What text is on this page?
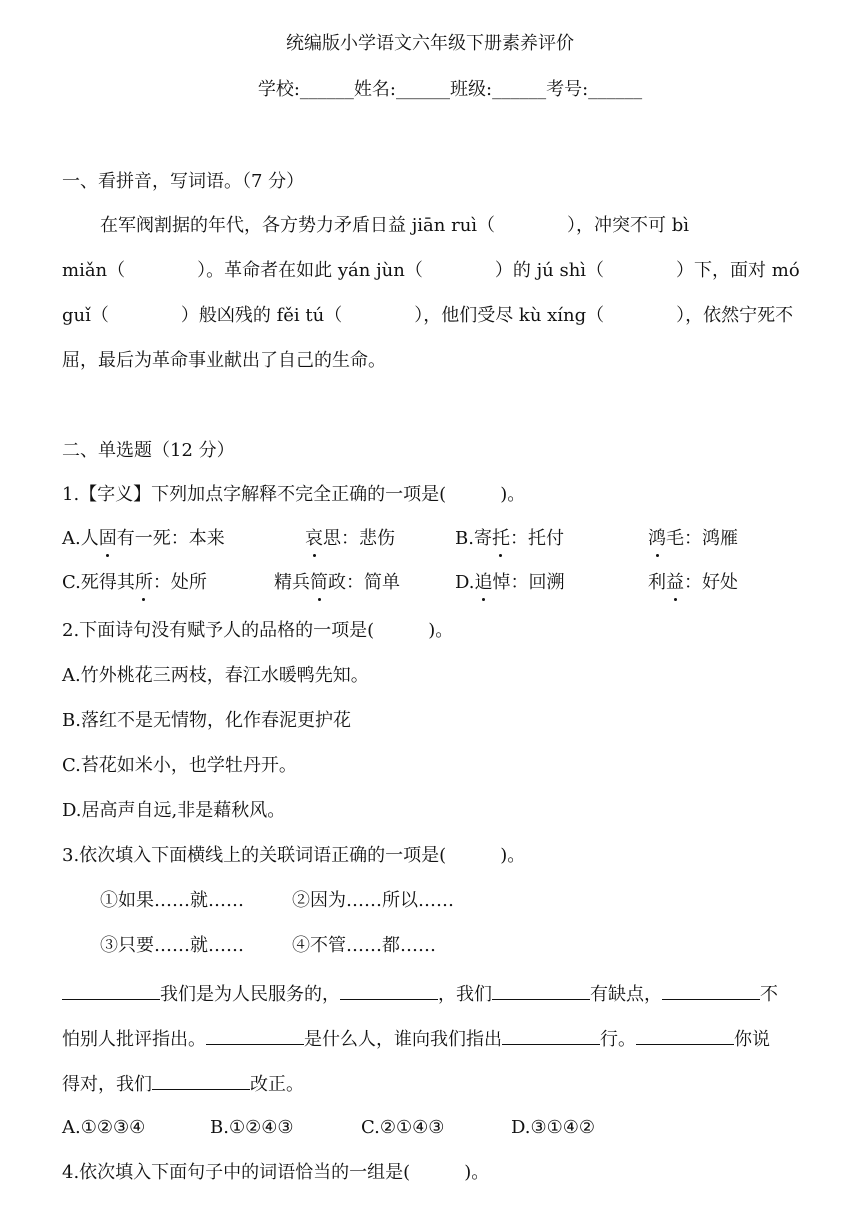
统编版小学语文六年级下册素养评价
学校:______姓名:______班级:______考号:______
一、看拼音，写词语。（7 分）
在军阀割据的年代，各方势力矛盾日益 jiān ruì（　　　　），冲突不可 bì
miǎn（　　　　）。革命者在如此 yán jùn（　　　　）的 jú shì（　　　　）下，面对 mó
guǐ（　　　　）般凶残的 fěi tú（　　　　），他们受尽 kù xíng（　　　　），依然宁死不
屈，最后为革命事业献出了自己的生命。
二、单选题（12 分）
1.【字义】下列加点字解释不完全正确的一项是(　　　)。
A.人固有一死：本来	哀思：悲伤	B.寄托：托付	鸿毛：鸿雁
C.死得其所：处所	精兵简政：简单	D.追悼：回溯	利益：好处
2.下面诗句没有赋予人的品格的一项是(　　　)。
A.竹外桃花三两枝，春江水暖鸭先知。
B.落红不是无情物，化作春泥更护花
C.苔花如米小，也学牡丹开。
D.居高声自远,非是藉秋风。
3.依次填入下面横线上的关联词语正确的一项是(　　　)。
①如果……就……	②因为……所以……
③只要……就……	④不管……都……
我们是为人民服务的，	，我们	有缺点，	不
怕别人批评指出。	是什么人，谁向我们指出	行。	你说
得对，我们	改正。
A.①②③④	B.①②④③	C.②①④③	D.③①④②
4.依次填入下面句子中的词语恰当的一组是(　　　)。
